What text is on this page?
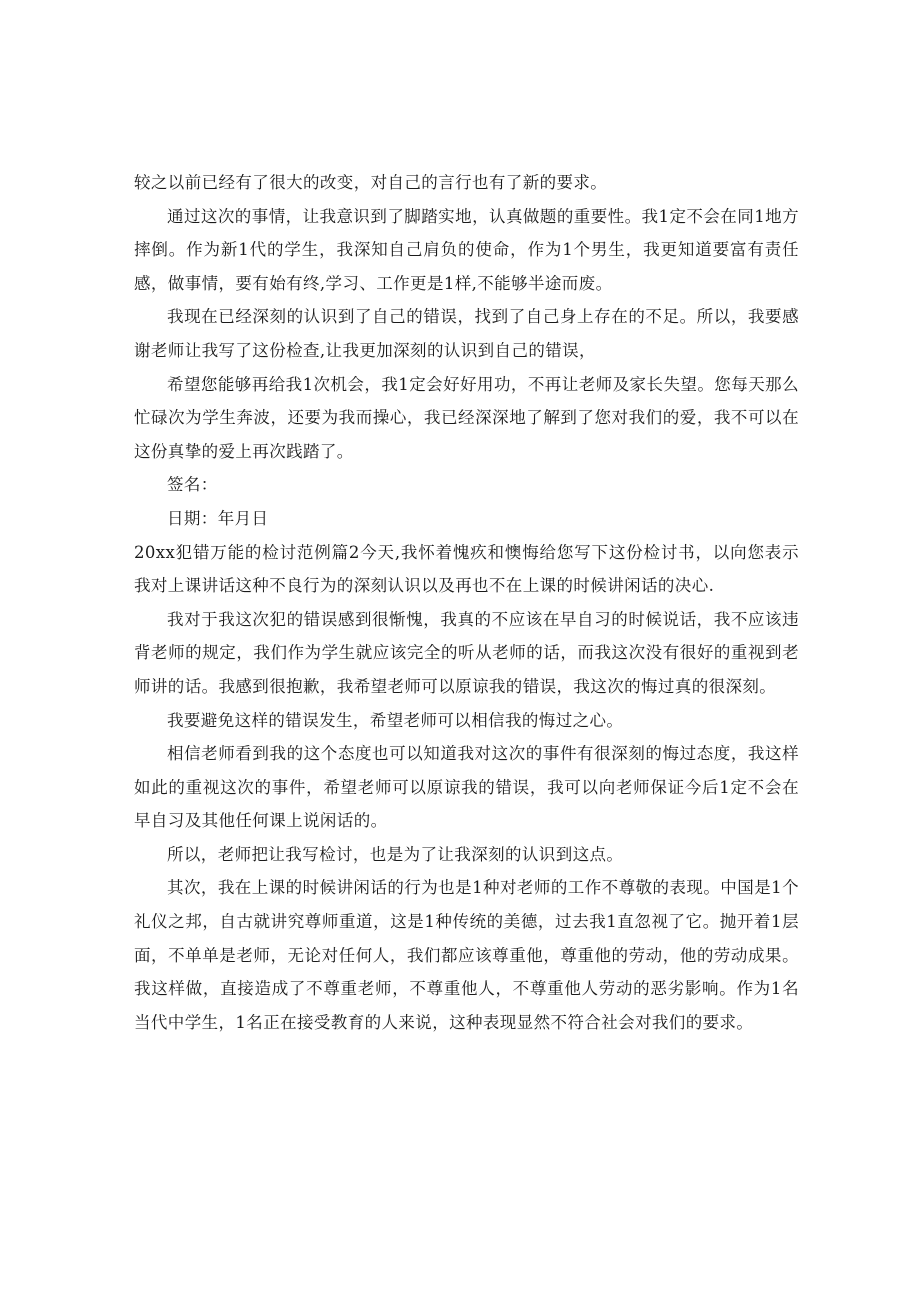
较之以前已经有了很大的改变，对自己的言行也有了新的要求。

通过这次的事情，让我意识到了脚踏实地，认真做题的重要性。我1定不会在同1地方摔倒。作为新1代的学生，我深知自己肩负的使命，作为1个男生，我更知道要富有责任感，做事情，要有始有终,学习、工作更是1样,不能够半途而废。

我现在已经深刻的认识到了自己的错误，找到了自己身上存在的不足。所以，我要感谢老师让我写了这份检查,让我更加深刻的认识到自己的错误，

希望您能够再给我1次机会，我1定会好好用功，不再让老师及家长失望。您每天那么忙碌次为学生奔波，还要为我而操心，我已经深深地了解到了您对我们的爱，我不可以在这份真挚的爱上再次践踏了。

签名：

日期：年月日

20xx犯错万能的检讨范例篇2今天,我怀着愧疚和懊悔给您写下这份检讨书，以向您表示我对上课讲话这种不良行为的深刻认识以及再也不在上课的时候讲闲话的决心.

我对于我这次犯的错误感到很惭愧，我真的不应该在早自习的时候说话，我不应该违背老师的规定，我们作为学生就应该完全的听从老师的话，而我这次没有很好的重视到老师讲的话。我感到很抱歉，我希望老师可以原谅我的错误，我这次的悔过真的很深刻。

我要避免这样的错误发生，希望老师可以相信我的悔过之心。

相信老师看到我的这个态度也可以知道我对这次的事件有很深刻的悔过态度，我这样如此的重视这次的事件，希望老师可以原谅我的错误，我可以向老师保证今后1定不会在早自习及其他任何课上说闲话的。

所以，老师把让我写检讨，也是为了让我深刻的认识到这点。

其次，我在上课的时候讲闲话的行为也是1种对老师的工作不尊敬的表现。中国是1个礼仪之邦，自古就讲究尊师重道，这是1种传统的美德，过去我1直忽视了它。抛开着1层面，不单单是老师，无论对任何人，我们都应该尊重他，尊重他的劳动，他的劳动成果。我这样做，直接造成了不尊重老师，不尊重他人，不尊重他人劳动的恶劣影响。作为1名当代中学生，1名正在接受教育的人来说，这种表现显然不符合社会对我们的要求。
